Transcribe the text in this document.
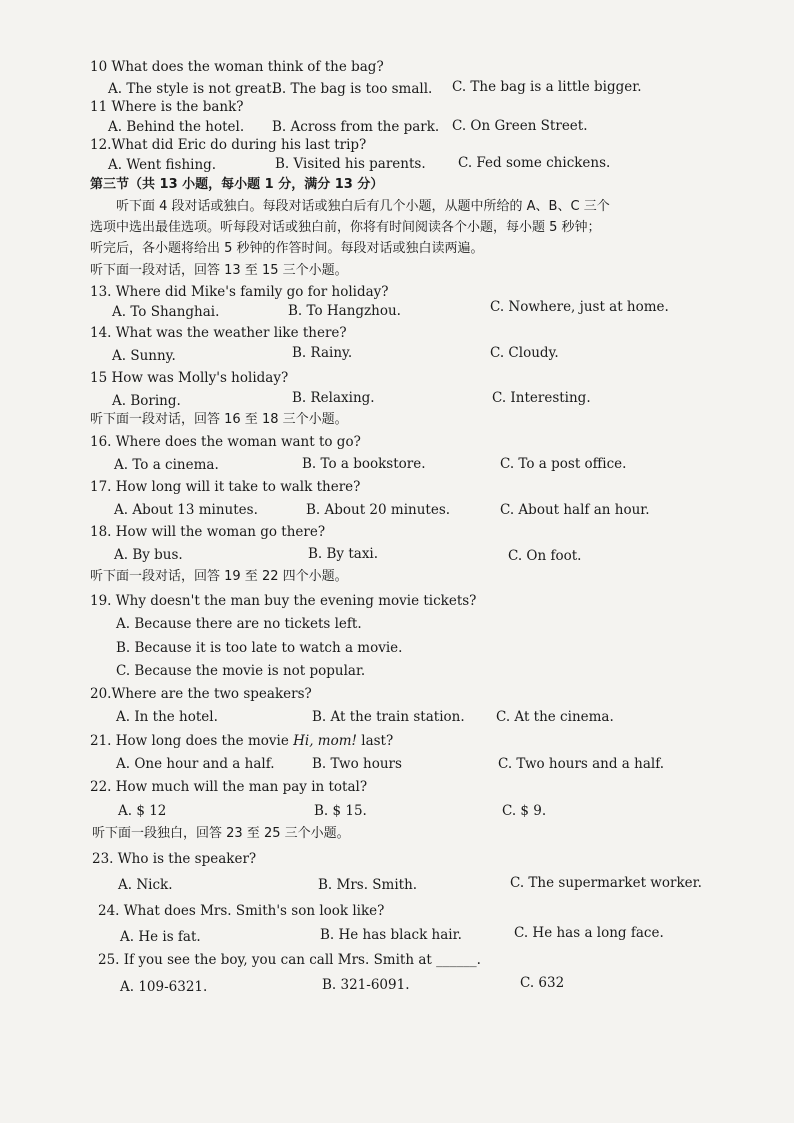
10 What does the woman think of the bag?
A. The style is not great.
B. The bag is too small. C. The bag is a little bigger.
11 Where is the bank?
A. Behind the hotel. B. Across from the park. C. On Green Street.
12.What did Eric do during his last trip?
A. Went fishing.	B. Visited his parents. C. Fed some chickens.
第三节（共 13 小题，每小题 1 分，满分 13 分）
听下面 4 段对话或独白。每段对话或独白后有几个小题，从题中所给的 A、B、C 三个
选项中选出最佳选项。听每段对话或独白前，你将有时间阅读各个小题，每小题 5 秒钟；
听完后，各小题将给出 5 秒钟的作答时间。每段对话或独白读两遍。
听下面一段对话，回答 13 至 15 三个小题。
13. Where did Mike's family go for holiday?
A. To Shanghai.	B. To Hangzhou.	C. Nowhere, just at home.
14. What was the weather like there?
A. Sunny.	B. Rainy.	C. Cloudy.
15 How was Molly's holiday?
A. Boring.	B. Relaxing.	C. Interesting.
听下面一段对话，回答 16 至 18 三个小题。
16. Where does the woman want to go?
A. To a cinema.	B. To a bookstore.	C. To a post office.
17. How long will it take to walk there?
A. About 13 minutes.	B. About 20 minutes.	C. About half an hour.
18. How will the woman go there?
A. By bus.	B. By taxi.	C. On foot.
听下面一段对话，回答 19 至 22 四个小题。
19. Why doesn't the man buy the evening movie tickets?
A. Because there are no tickets left.
B. Because it is too late to watch a movie.
C. Because the movie is not popular.
20.Where are the two speakers?
A. In the hotel.	B. At the train station. C. At the cinema.
21. How long does the movie Hi, mom! last?
A. One hour and a half.	B. Two hours	C. Two hours and a half.
22. How much will the man pay in total?
A. $ 12	B. $ 15.	C. $ 9.
听下面一段独白，回答 23 至 25 三个小题。
23. Who is the speaker?
A. Nick.	B. Mrs. Smith.	C. The supermarket worker.
24. What does Mrs. Smith's son look like?
A. He is fat.	B. He has black hair.	C. He has a long face.
25. If you see the boy, you can call Mrs. Smith at ______.
A. 109-6321.	B. 321-6091.	C. 632
